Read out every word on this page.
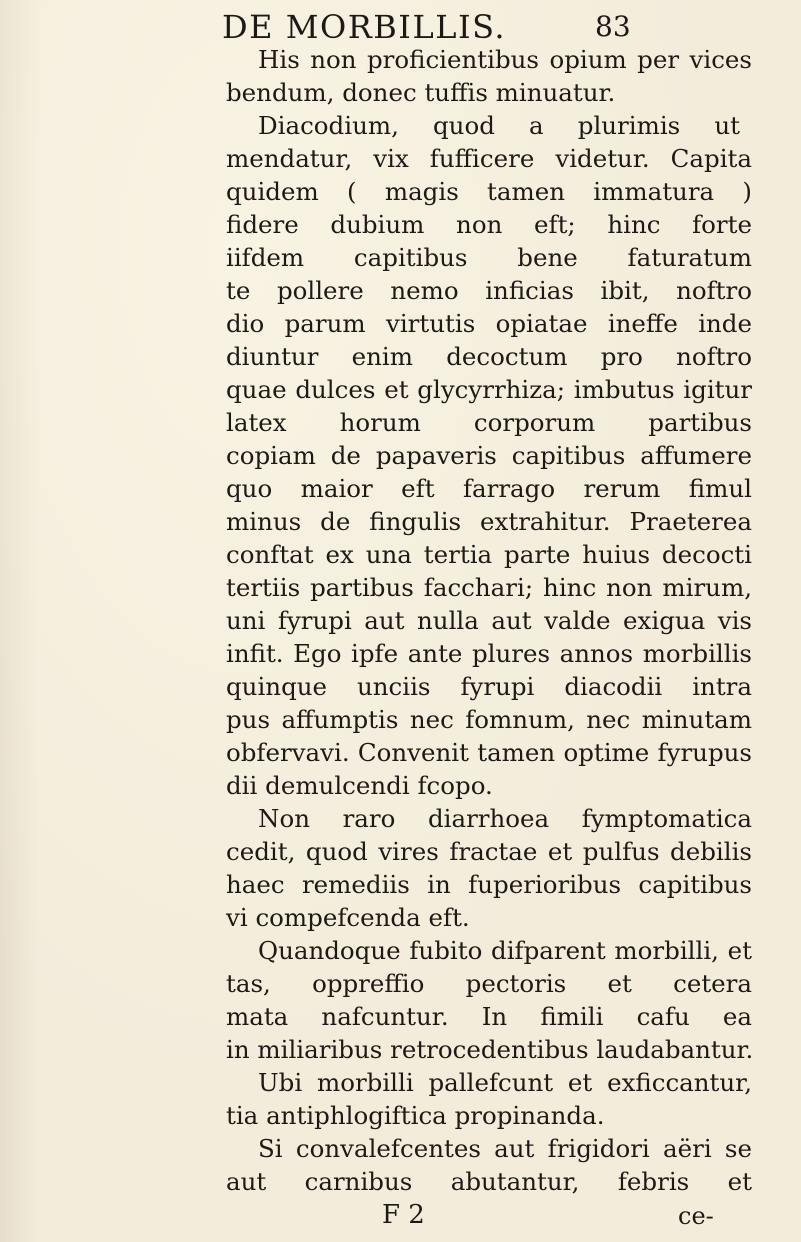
DE MORBILLIS.	83
His non proficientibus opium per vices
bendum, donec tuffis minuatur.
Diacodium, quod a plurimis ut
mendatur, vix fufficere videtur. Capita
quidem ( magis tamen immatura )
fidere dubium non eft; hinc forte
iifdem capitibus bene faturatum
te pollere nemo inficias ibit, noftro
dio parum virtutis opiatae ineffe inde
diuntur enim decoctum pro noftro
quae dulces et glycyrrhiza; imbutus igitur
latex horum corporum partibus
copiam de papaveris capitibus affumere
quo maior eft farrago rerum fimul
minus de fingulis extrahitur. Praeterea
conftat ex una tertia parte huius decocti
tertiis partibus facchari; hinc non mirum,
uni fyrupi aut nulla aut valde exigua vis
infit. Ego ipfe ante plures annos morbillis
quinque unciis fyrupi diacodii intra
pus affumptis nec fomnum, nec minutam
obfervavi. Convenit tamen optime fyrupus
dii demulcendi fcopo.
Non raro diarrhoea fymptomatica
cedit, quod vires fractae et pulfus debilis
haec remediis in fuperioribus capitibus
vi compefcenda eft.
Quandoque fubito difparent morbilli, et
tas, oppreffio pectoris et cetera
mata nafcuntur. In fimili cafu ea
in miliaribus retrocedentibus laudabantur.
Ubi morbilli pallefcunt et exficcantur,
tia antiphlogiftica propinanda.
Si convalefcentes aut frigidori aëri se
aut carnibus abutantur, febris et
F 2	ce-
